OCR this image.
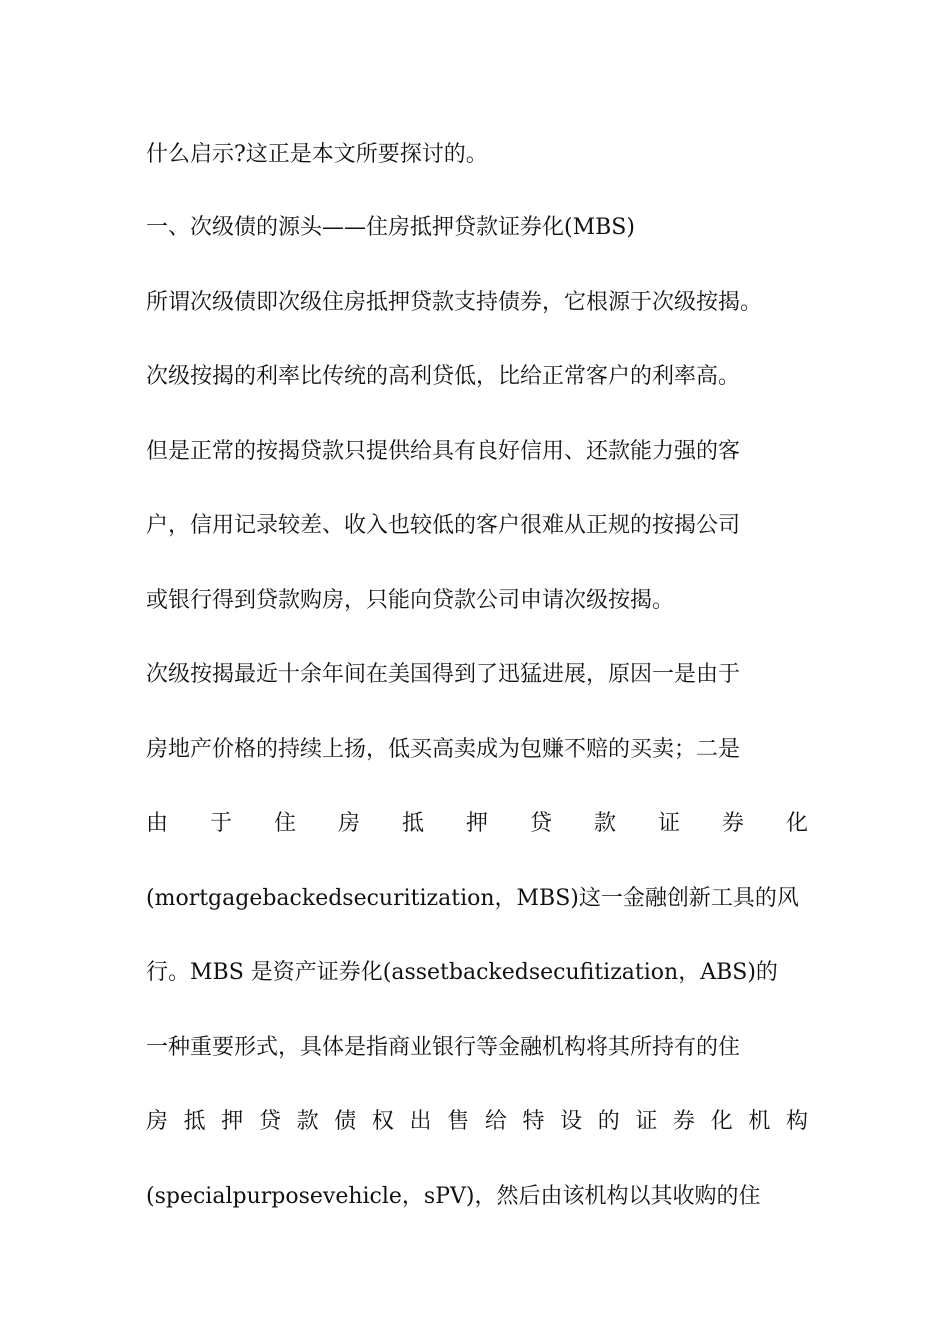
什么启示?这正是本文所要探讨的。
一、次级债的源头——住房抵押贷款证券化(MBS)
所谓次级债即次级住房抵押贷款支持债券，它根源于次级按揭。
次级按揭的利率比传统的高利贷低，比给正常客户的利率高。
但是正常的按揭贷款只提供给具有良好信用、还款能力强的客
户，信用记录较差、收入也较低的客户很难从正规的按揭公司
或银行得到贷款购房，只能向贷款公司申请次级按揭。
次级按揭最近十余年间在美国得到了迅猛进展，原因一是由于
房地产价格的持续上扬，低买高卖成为包赚不赔的买卖；二是
由 于 住 房 抵 押 贷 款 证 券 化
(mortgagebackedsecuritization，MBS)这一金融创新工具的风
行。MBS 是资产证券化(assetbackedsecufitization，ABS)的
一种重要形式，具体是指商业银行等金融机构将其所持有的住
房 抵 押 贷 款 债 权 出 售 给 特 设 的 证 券 化 机 构
(specialpurposevehicle，sPV)，然后由该机构以其收购的住
